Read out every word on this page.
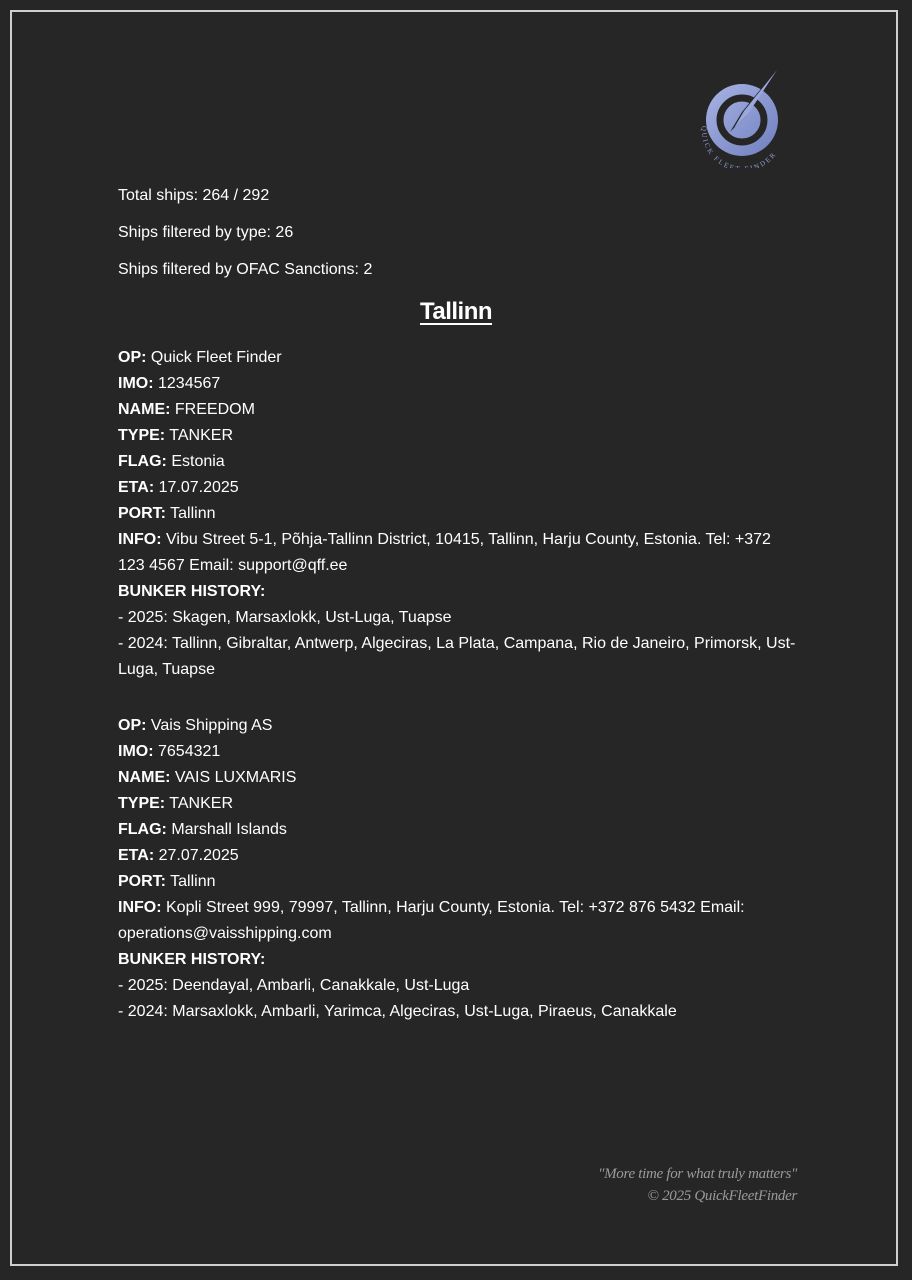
QUICK FLEE NDER
Total ships: 264 / 292
Ships filtered by type: 26
Ships filtered by OFAC Sanctions: 2
Tallinn
OP: Quick Fleet Finder
IMO: 1234567
NAME: FREEDOM
TYPE: TANKER
FLAG: Estonia
ETA: 17.07.2025
PORT: Tallinn
INFO: Vibu Street 5-1, Põhja-Tallinn District, 10415, Tallinn, Harju County, Estonia. Tel: +372 123 4567 Email: support@qff.ee
BUNKER HISTORY:
- 2025: Skagen, Marsaxlokk, Ust-Luga, Tuapse
- 2024: Tallinn, Gibraltar, Antwerp, Algeciras, La Plata, Campana, Rio de Janeiro, Primorsk, Ust-Luga, Tuapse
OP: Vais Shipping AS
IMO: 7654321
NAME: VAIS LUXMARIS
TYPE: TANKER
FLAG: Marshall Islands
ETA: 27.07.2025
PORT: Tallinn
INFO: Kopli Street 999, 79997, Tallinn, Harju County, Estonia. Tel: +372 876 5432 Email: operations@vaisshipping.com
BUNKER HISTORY:
- 2025: Deendayal, Ambarli, Canakkale, Ust-Luga
- 2024: Marsaxlokk, Ambarli, Yarimca, Algeciras, Ust-Luga, Piraeus, Canakkale
"More time for what truly matters"
© 2025 QuickFleetFinder
